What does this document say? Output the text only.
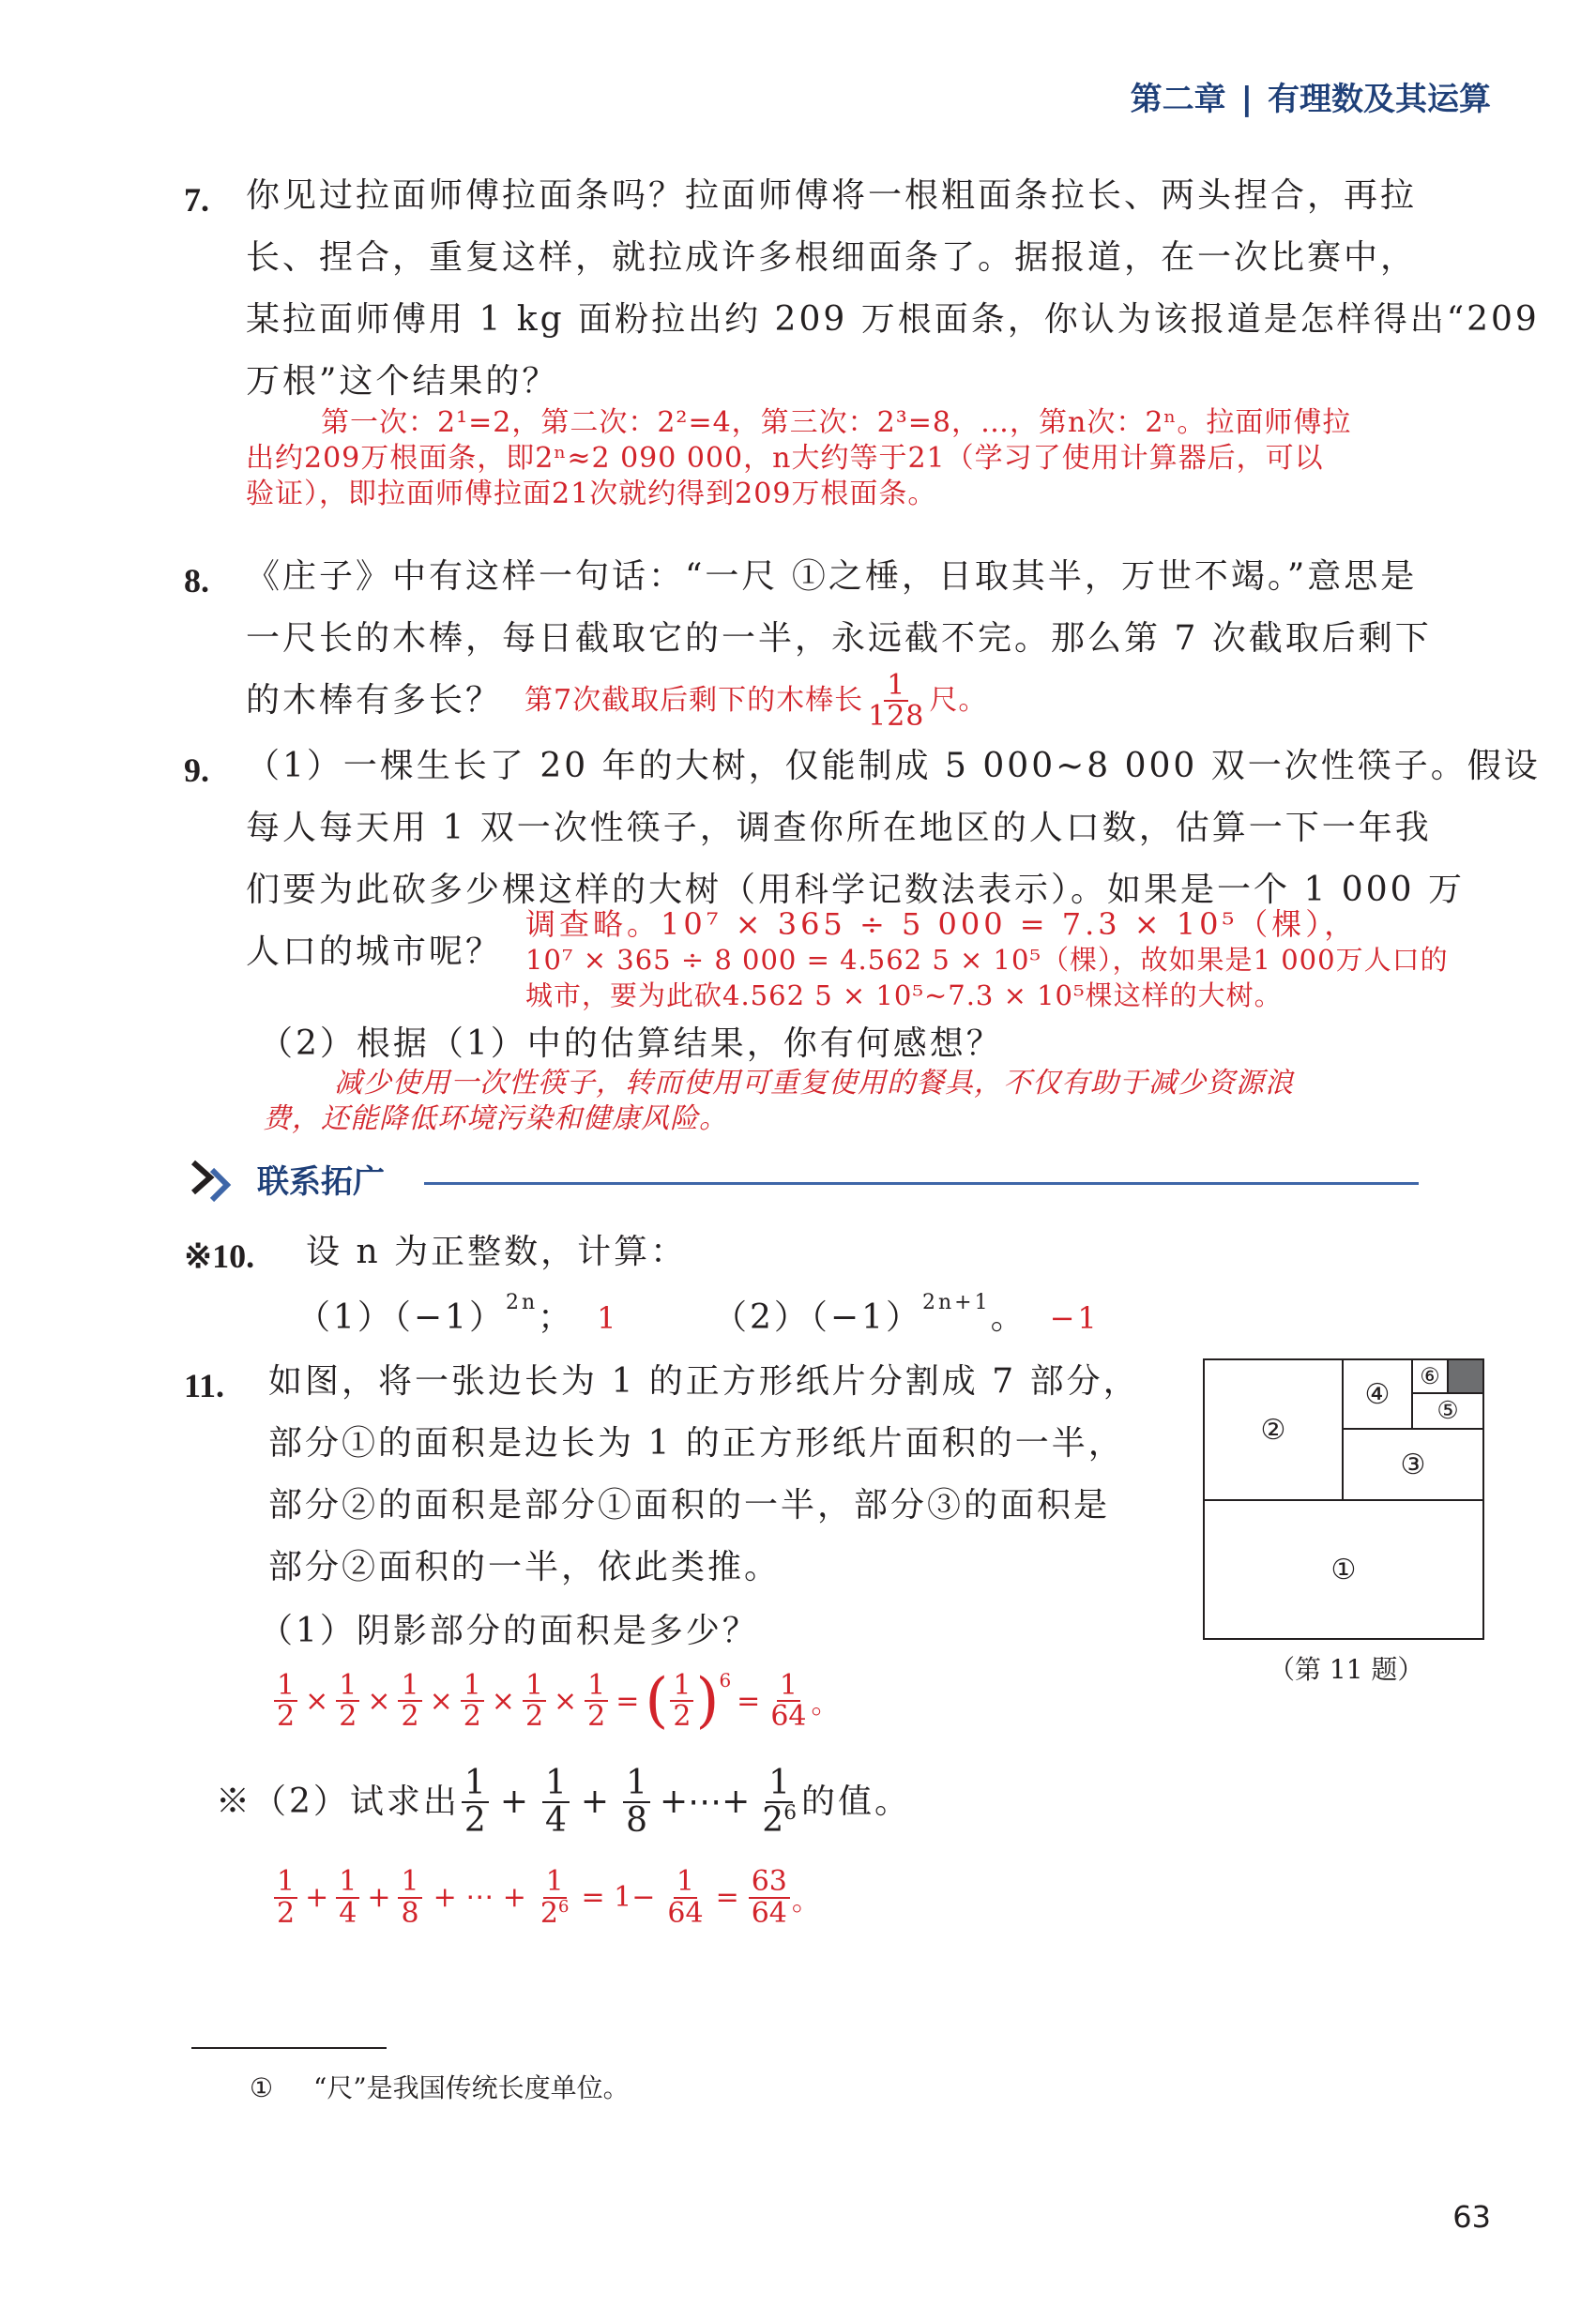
第二章 | 有理数及其运算
7. 你见过拉面师傅拉面条吗？拉面师傅将一根粗面条拉长、两头捏合，再拉
长、捏合，重复这样，就拉成许多根细面条了。据报道，在一次比赛中，
某拉面师傅用 1 kg 面粉拉出约 209 万根面条，你认为该报道是怎样得出“209
万根”这个结果的？
第一次：2¹=2，第二次：2²=4，第三次：2³=8，…，第n次：2ⁿ。拉面师傅拉
出约209万根面条，即2ⁿ≈2 090 000，n大约等于21（学习了使用计算器后，可以
验证），即拉面师傅拉面21次就约得到209万根面条。
8. 《庄子》中有这样一句话：“一尺 ①之棰，日取其半，万世不竭。”意思是
一尺长的木棒，每日截取它的一半，永远截不完。那么第 7 次截取后剩下
的木棒有多长？ 第7次截取后剩下的木棒长 $\frac{1}{128}$ 尺。
9. （1）一棵生长了 20 年的大树，仅能制成 5 000~8 000 双一次性筷子。假设
每人每天用 1 双一次性筷子，调查你所在地区的人口数，估算一下一年我
们要为此砍多少棵这样的大树（用科学记数法表示）。如果是一个 1 000 万
人口的城市呢？
调查略。10⁷ × 365 ÷ 5 000 = 7.3 × 10⁵（棵），
10⁷ × 365 ÷ 8 000 = 4.562 5 × 10⁵（棵），故如果是1 000万人口的
城市，要为此砍4.562 5 × 10⁵~7.3 × 10⁵棵这样的大树。
（2）根据（1）中的估算结果，你有何感想？
减少使用一次性筷子，转而使用可重复使用的餐具，不仅有助于减少资源浪
费，还能降低环境污染和健康风险。
联系拓广
※10. 设 n 为正整数，计算：
$(1)(-1)^{2n}$ ； 1	$(2)(-1)^{2n+1}$ 。 −1
11. 如图，将一张边长为 1 的正方形纸片分割成 7 部分，
部分①的面积是边长为 1 的正方形纸片面积的一半，
部分②的面积是部分①面积的一半，部分③的面积是
部分②面积的一半，依此类推。
（1）阴影部分的面积是多少？
$\frac{1}{2} \times \frac{1}{2} \times \frac{1}{2} \times \frac{1}{2} \times \frac{1}{2} \times \frac{1}{2}$ = ( $\frac{1}{2} )^6$
= $\frac{1}{64}$ 。
※（2）试求出 $\frac{1}{2} + \frac{1}{4} + \frac{1}{8}$ +⋯+ $\frac{1}{2^6}$ 的值。
$\frac{1}{2} + \frac{1}{4} + \frac{1}{8}$ + ⋯ + $\frac{1}{2^6} = 1- \frac{1}{64} = \frac{63}{64}$ 。
①
②
③
④
⑤
⑥
（第 11 题）
① “尺”是我国传统长度单位。
63
